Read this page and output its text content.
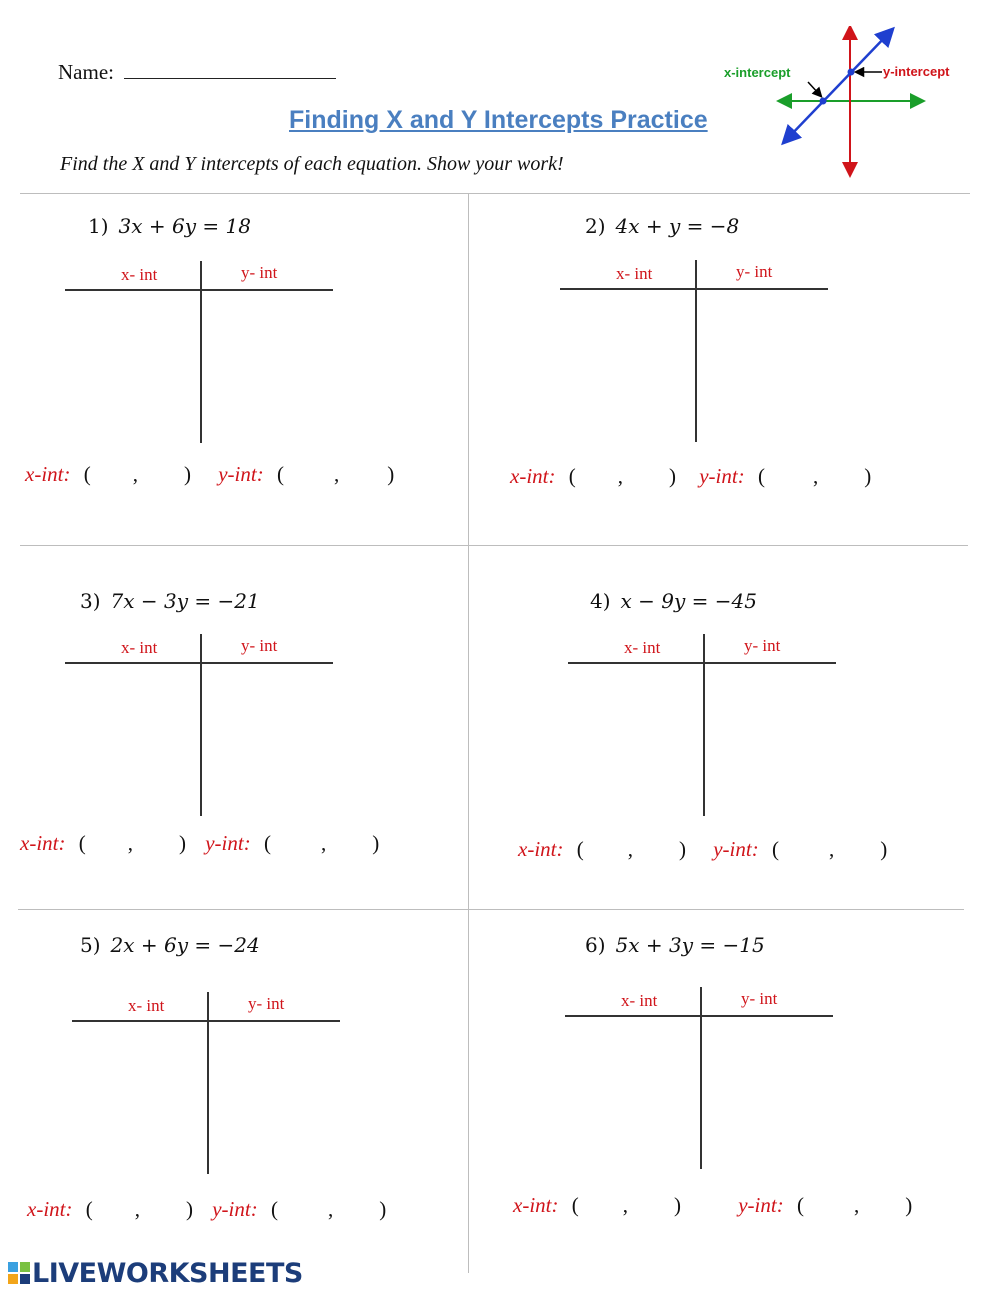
Name:
Finding X and Y Intercepts Practice
Find the X and Y intercepts of each equation. Show your work!
x-intercept	y-intercept
1) 3x + 6y = 18
x- int	y- int
x-int: ( , ) y-int: ( , )
2) 4x + y = −8
x- int	y- int
x-int: ( , ) y-int: ( , )
3) 7x − 3y = −21
x- int	y- int
x-int: ( , ) y-int: ( , )
4) x − 9y = −45
x- int	y- int
x-int: ( , ) y-int: ( , )
5) 2x + 6y = −24
x- int	y- int
x-int: ( , ) y-int: ( , )
6) 5x + 3y = −15
x- int	y- int
x-int: ( , )	y-int: ( , )
LIVEWORKSHEETS
